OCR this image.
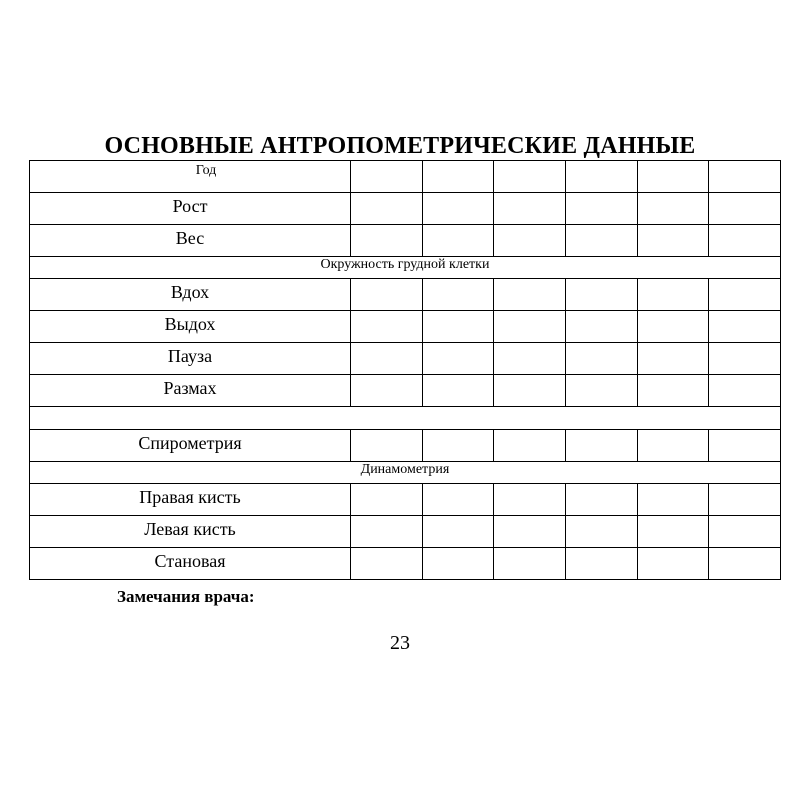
ОСНОВНЫЕ АНТРОПОМЕТРИЧЕСКИЕ ДАННЫЕ
Год						
Рост						
Вес						
Окружность грудной клетки						
Вдох						
Выдох						
Пауза						
Размах						

Спирометрия						
Динамометрия						
Правая кисть						
Левая кисть						
Становая						
Замечания врача:
23
